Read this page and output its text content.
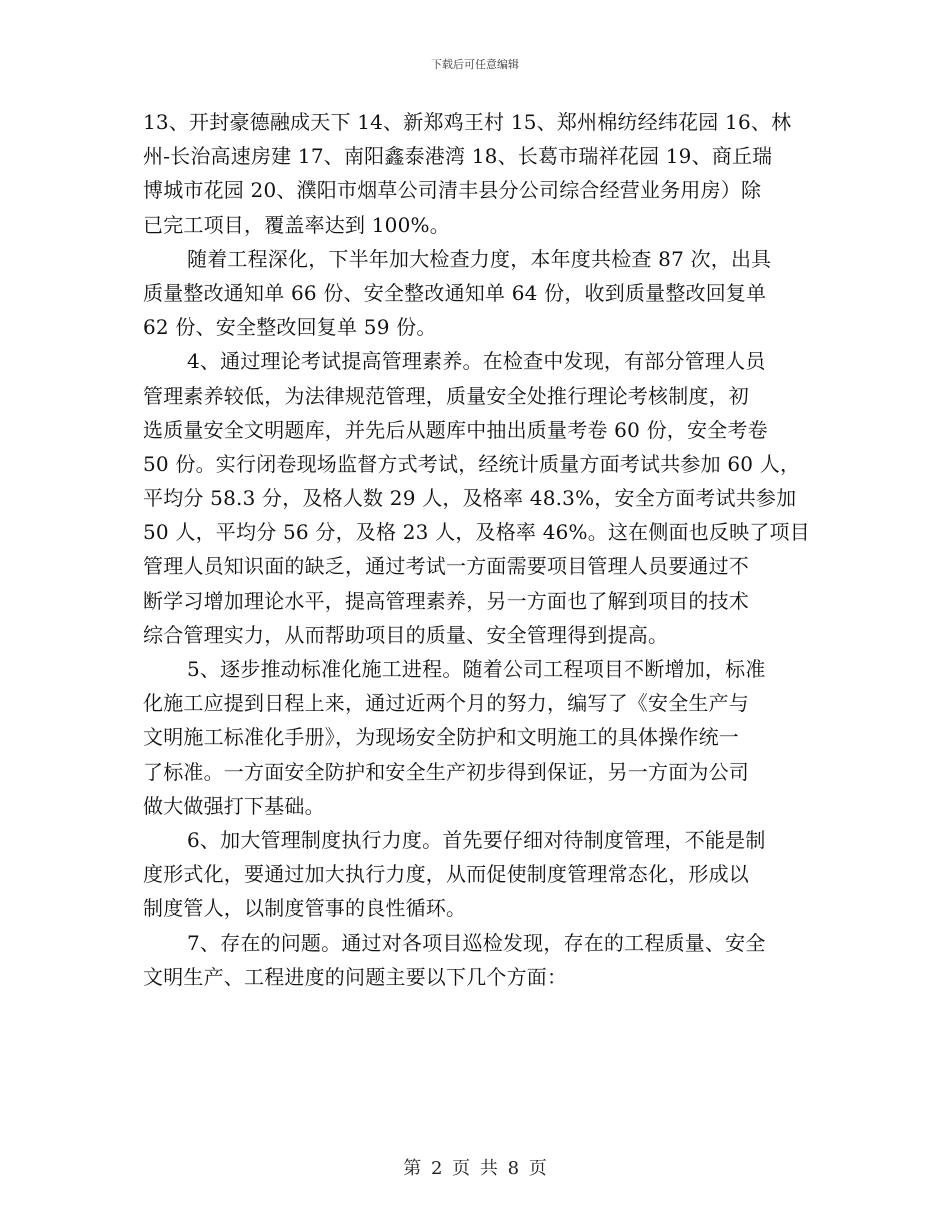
下载后可任意编辑
13、开封豪德融成天下 14、新郑鸡王村 15、郑州棉纺经纬花园 16、林
州-长治高速房建 17、南阳鑫泰港湾 18、长葛市瑞祥花园 19、商丘瑞
博城市花园 20、濮阳市烟草公司清丰县分公司综合经营业务用房）除
已完工项目，覆盖率达到 100%。
随着工程深化，下半年加大检查力度，本年度共检查 87 次，出具
质量整改通知单 66 份、安全整改通知单 64 份，收到质量整改回复单
62 份、安全整改回复单 59 份。
4、通过理论考试提高管理素养。在检查中发现，有部分管理人员
管理素养较低，为法律规范管理，质量安全处推行理论考核制度，初
选质量安全文明题库，并先后从题库中抽出质量考卷 60 份，安全考卷
50 份。实行闭卷现场监督方式考试，经统计质量方面考试共参加 60 人，
平均分 58.3 分，及格人数 29 人，及格率 48.3%，安全方面考试共参加
50 人，平均分 56 分，及格 23 人，及格率 46%。这在侧面也反映了项目
管理人员知识面的缺乏，通过考试一方面需要项目管理人员要通过不
断学习增加理论水平，提高管理素养，另一方面也了解到项目的技术
综合管理实力，从而帮助项目的质量、安全管理得到提高。
5、逐步推动标准化施工进程。随着公司工程项目不断增加，标准
化施工应提到日程上来，通过近两个月的努力，编写了《安全生产与
文明施工标准化手册》，为现场安全防护和文明施工的具体操作统一
了标准。一方面安全防护和安全生产初步得到保证，另一方面为公司
做大做强打下基础。
6、加大管理制度执行力度。首先要仔细对待制度管理，不能是制
度形式化，要通过加大执行力度，从而促使制度管理常态化，形成以
制度管人，以制度管事的良性循环。
7、存在的问题。通过对各项目巡检发现，存在的工程质量、安全
文明生产、工程进度的问题主要以下几个方面：
第 2 页 共 8 页
